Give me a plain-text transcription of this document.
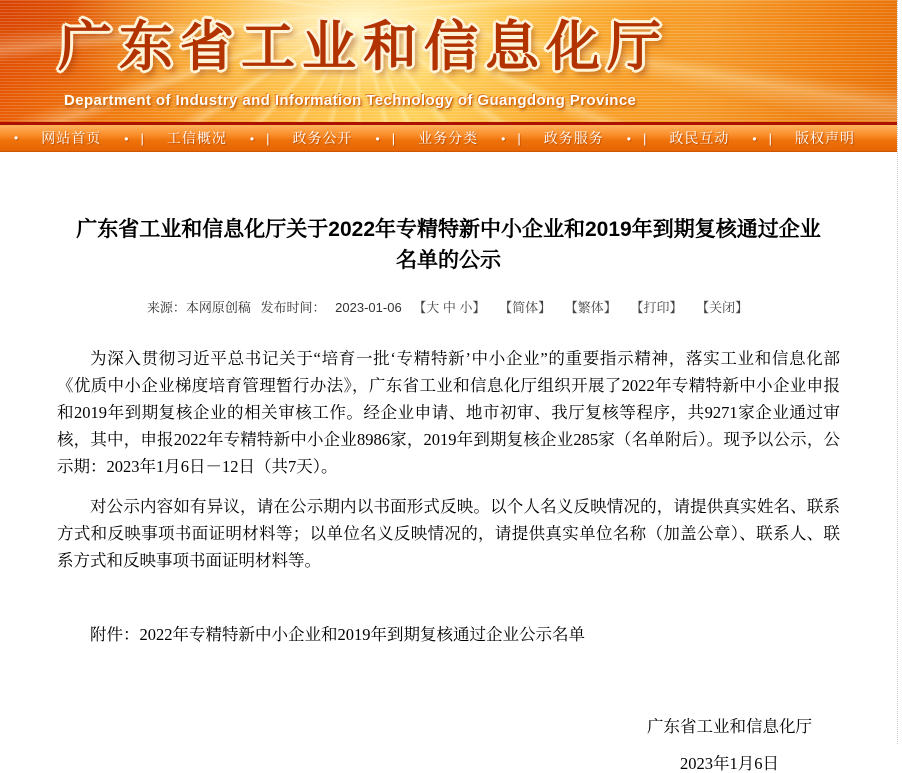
广东省工业和信息化厅
Department of Industry and Information Technology of Guangdong Province
• 网站首页 • | 工信概况 • | 政务公开 • | 业务分类 • | 政务服务 • | 政民互动 • | 版权声明
广东省工业和信息化厅关于2022年专精特新中小企业和2019年到期复核通过企业名单的公示
来源：本网原创稿 发布时间： 2023-01-06 【大 中 小】 【简体】 【繁体】 【打印】 【关闭】

为深入贯彻习近平总书记关于“培育一批‘专精特新’中小企业”的重要指示精神，落实工业和信息化部《优质中小企业梯度培育管理暂行办法》，广东省工业和信息化厅组织开展了2022年专精特新中小企业申报和2019年到期复核企业的相关审核工作。经企业申请、地市初审、我厅复核等程序，共9271家企业通过审核，其中，申报2022年专精特新中小企业8986家，2019年到期复核企业285家（名单附后）。现予以公示，公示期：2023年1月6日－12日（共7天）。

对公示内容如有异议，请在公示期内以书面形式反映。以个人名义反映情况的，请提供真实姓名、联系方式和反映事项书面证明材料等；以单位名义反映情况的，请提供真实单位名称（加盖公章）、联系人、联系方式和反映事项书面证明材料等。

附件：2022年专精特新中小企业和2019年到期复核通过企业公示名单

广东省工业和信息化厅
2023年1月6日
